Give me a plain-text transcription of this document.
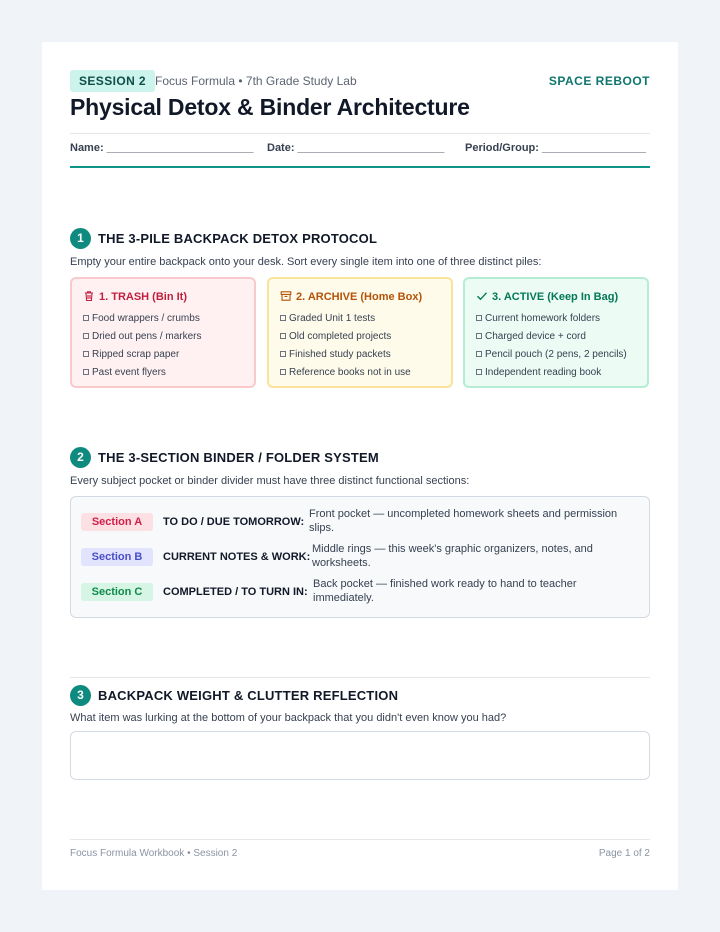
SESSION 2 Focus Formula • 7th Grade Study Lab	SPACE REBOOT
Physical Detox & Binder Architecture
Name: ________________________ Date: ________________________ Period/Group: _________________
1	THE 3-PILE BACKPACK DETOX PROTOCOL
Empty your entire backpack onto your desk. Sort every single item into one of three distinct piles:
1. TRASH (Bin It)
Food wrappers / crumbs
Dried out pens / markers
Ripped scrap paper
Past event flyers
2. ARCHIVE (Home Box)
Graded Unit 1 tests
Old completed projects
Finished study packets
Reference books not in use
3. ACTIVE (Keep In Bag)
Current homework folders
Charged device + cord
Pencil pouch (2 pens, 2 pencils)
Independent reading book
2	THE 3-SECTION BINDER / FOLDER SYSTEM
Every subject pocket or binder divider must have three distinct functional sections:
Section A	TO DO / DUE TOMORROW:
Front pocket — uncompleted homework sheets and permission slips.
Section B	CURRENT NOTES & WORK:
Middle rings — this week's graphic organizers, notes, and worksheets.
Section C	COMPLETED / TO TURN IN:
Back pocket — finished work ready to hand to teacher immediately.
3	BACKPACK WEIGHT & CLUTTER REFLECTION
What item was lurking at the bottom of your backpack that you didn't even know you had?
Focus Formula Workbook • Session 2	Page 1 of 2
